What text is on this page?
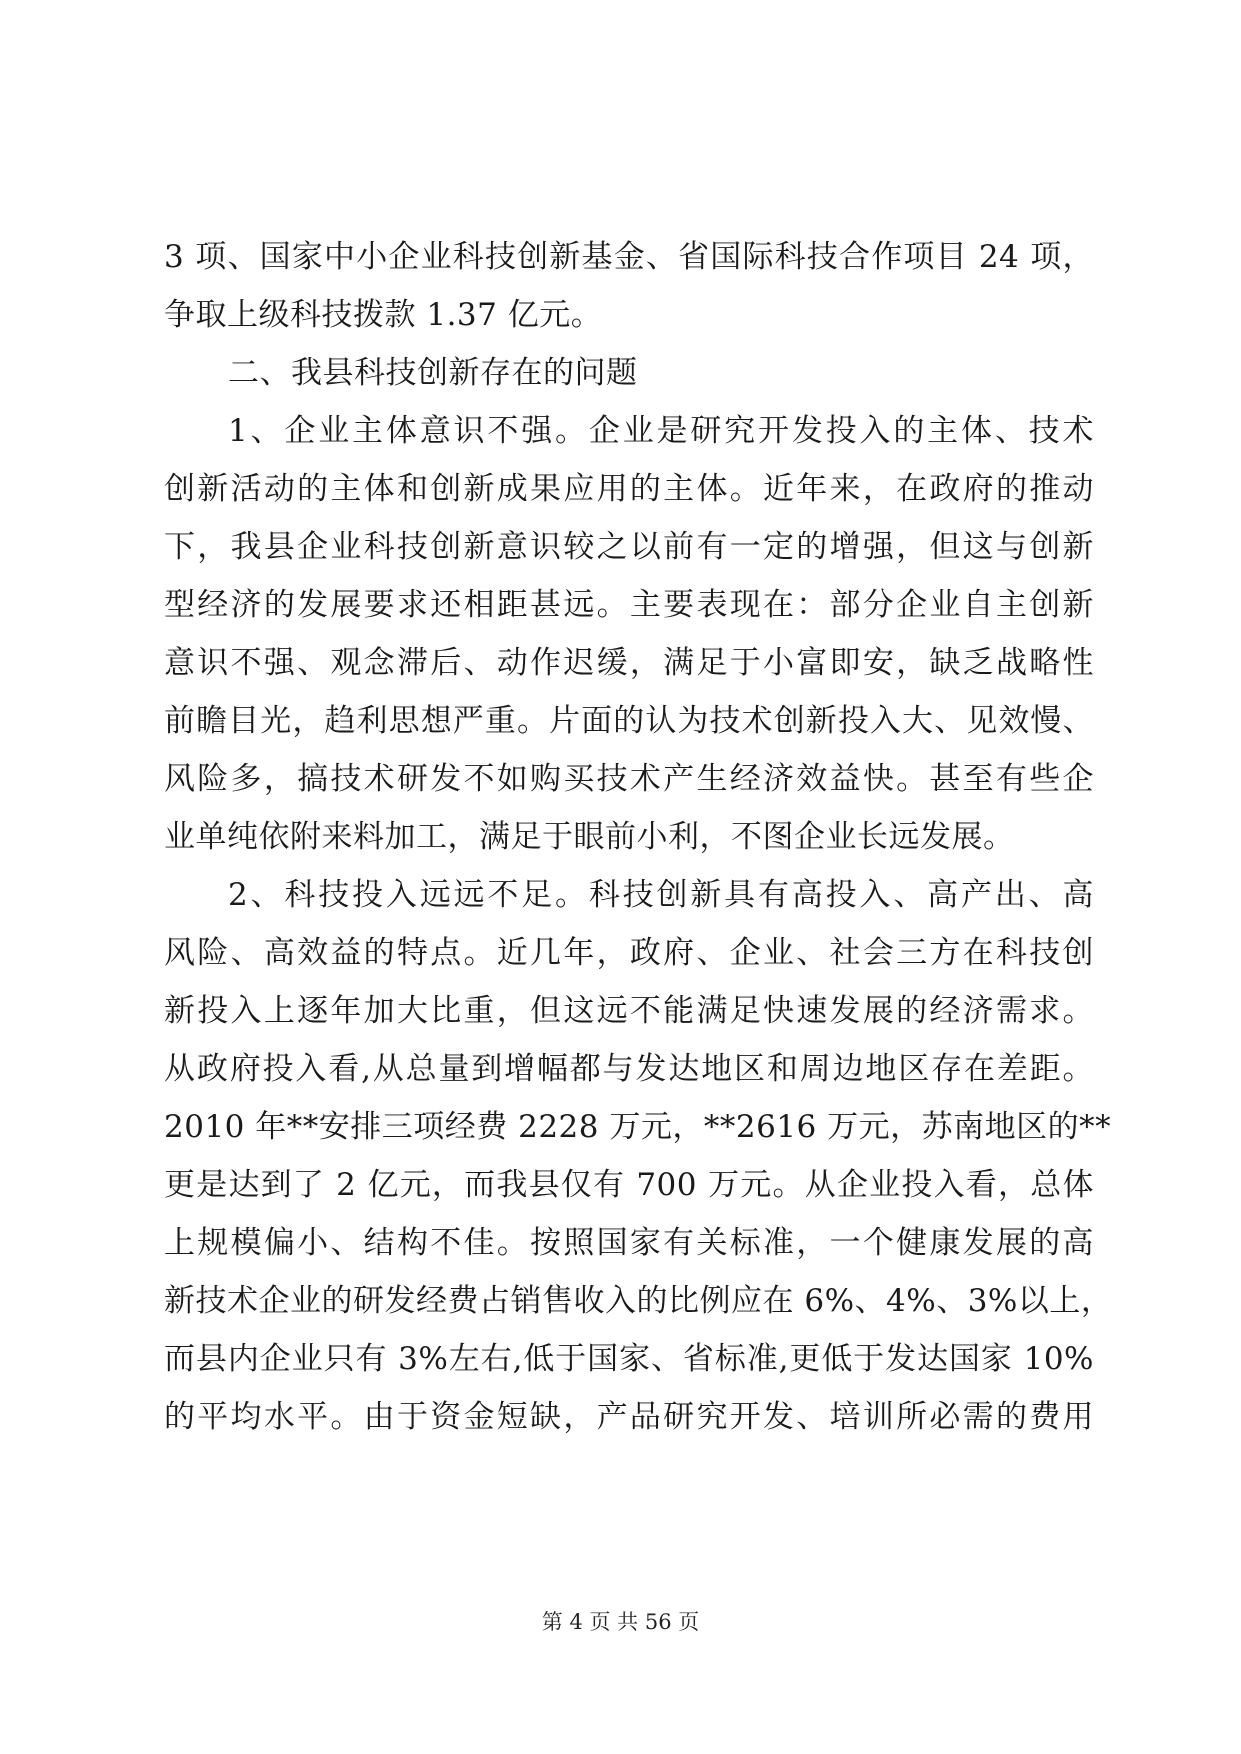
3 项、国家中小企业科技创新基金、省国际科技合作项目 24 项，
争取上级科技拨款 1.37 亿元。
二、我县科技创新存在的问题
1、企业主体意识不强。企业是研究开发投入的主体、技术
创新活动的主体和创新成果应用的主体。近年来，在政府的推动
下，我县企业科技创新意识较之以前有一定的增强，但这与创新
型经济的发展要求还相距甚远。主要表现在：部分企业自主创新
意识不强、观念滞后、动作迟缓，满足于小富即安，缺乏战略性
前瞻目光，趋利思想严重。片面的认为技术创新投入大、见效慢、
风险多，搞技术研发不如购买技术产生经济效益快。甚至有些企
业单纯依附来料加工，满足于眼前小利，不图企业长远发展。
2、科技投入远远不足。科技创新具有高投入、高产出、高
风险、高效益的特点。近几年，政府、企业、社会三方在科技创
新投入上逐年加大比重，但这远不能满足快速发展的经济需求。
从政府投入看,从总量到增幅都与发达地区和周边地区存在差距。
2010 年**安排三项经费 2228 万元，**2616 万元，苏南地区的**
更是达到了 2 亿元，而我县仅有 700 万元。从企业投入看，总体
上规模偏小、结构不佳。按照国家有关标准，一个健康发展的高
新技术企业的研发经费占销售收入的比例应在 6%、4%、3%以上，
而县内企业只有 3%左右,低于国家、省标准,更低于发达国家 10%
的平均水平。由于资金短缺，产品研究开发、培训所必需的费用
第 4 页 共 56 页
